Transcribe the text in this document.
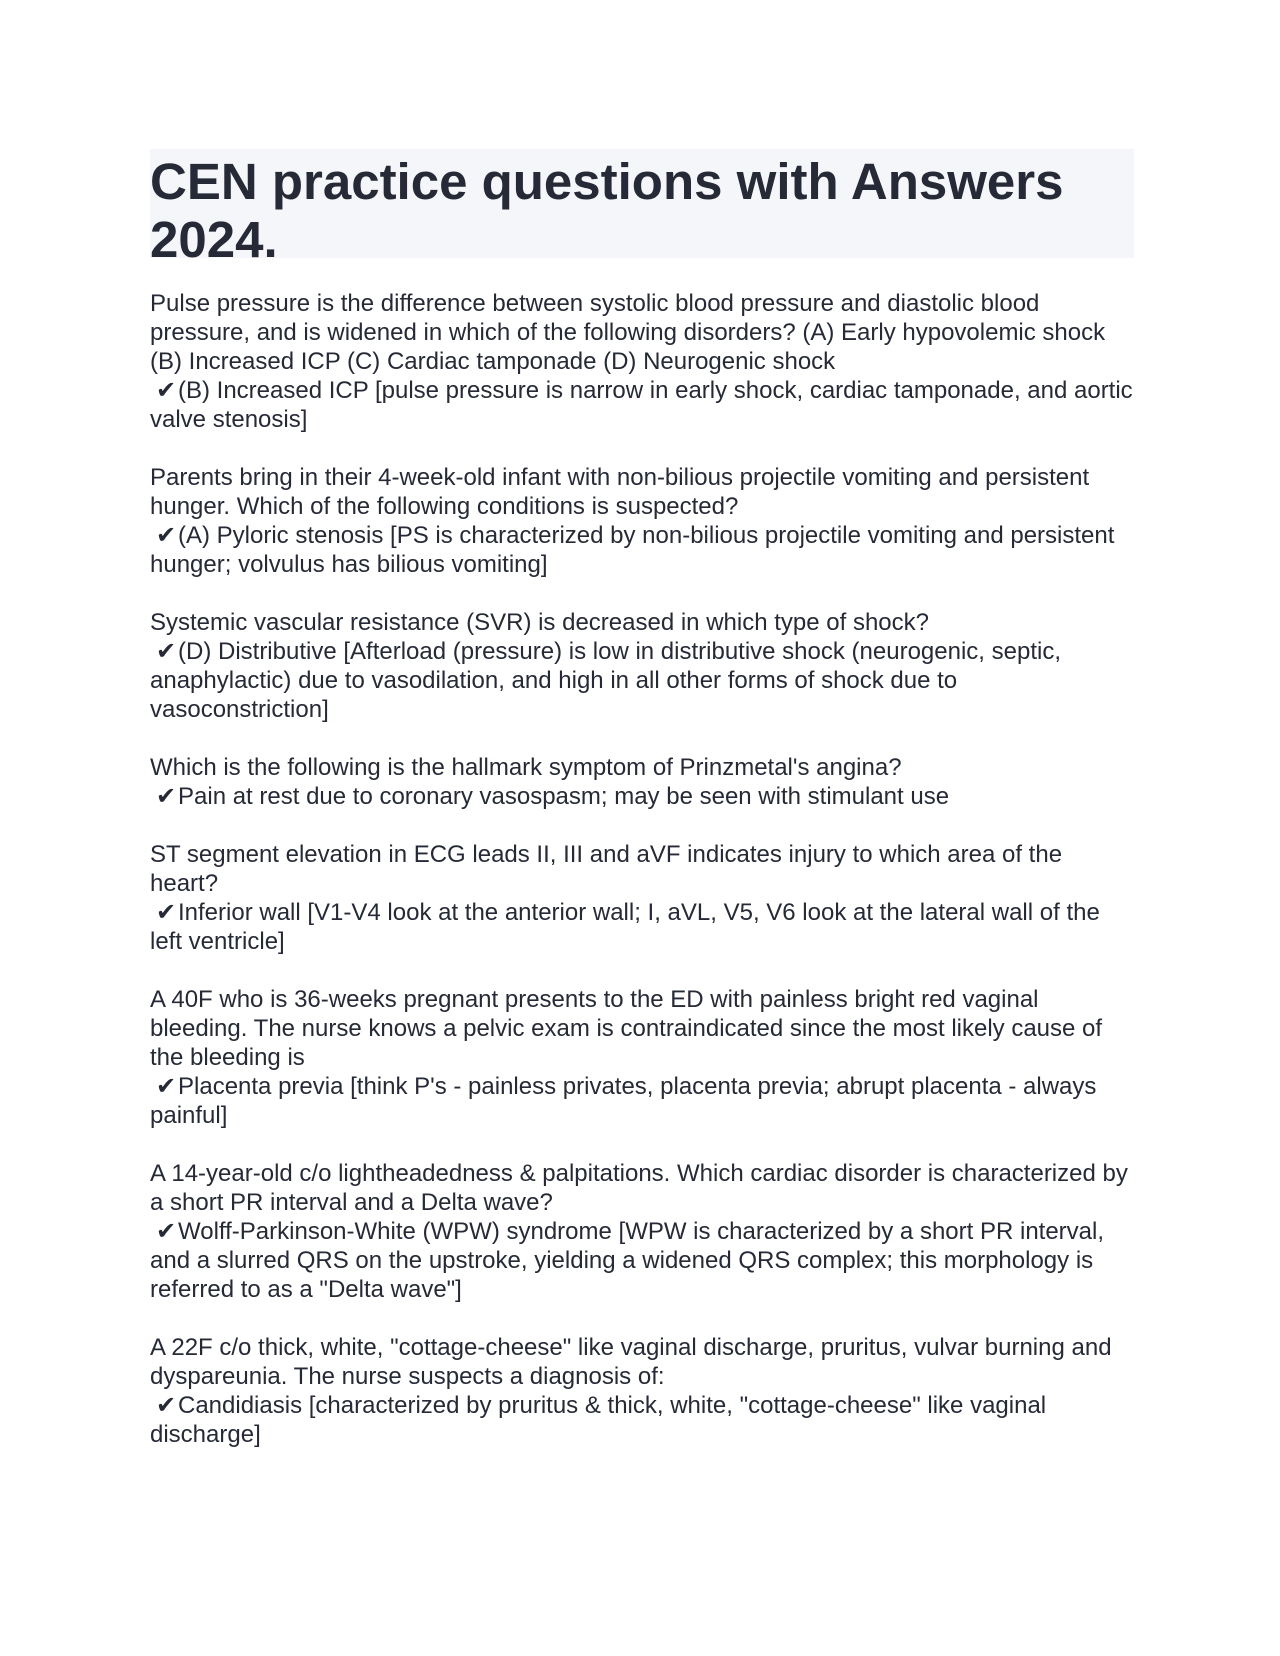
CEN practice questions with Answers 2024.

Pulse pressure is the difference between systolic blood pressure and diastolic blood pressure, and is widened in which of the following disorders? (A) Early hypovolemic shock (B) Increased ICP (C) Cardiac tamponade (D) Neurogenic shock

✔(B) Increased ICP [pulse pressure is narrow in early shock, cardiac tamponade, and aortic valve stenosis]

Parents bring in their 4-week-old infant with non-bilious projectile vomiting and persistent hunger. Which of the following conditions is suspected?

✔(A) Pyloric stenosis [PS is characterized by non-bilious projectile vomiting and persistent hunger; volvulus has bilious vomiting]

Systemic vascular resistance (SVR) is decreased in which type of shock?

✔(D) Distributive [Afterload (pressure) is low in distributive shock (neurogenic, septic, anaphylactic) due to vasodilation, and high in all other forms of shock due to vasoconstriction]

Which is the following is the hallmark symptom of Prinzmetal's angina?

✔Pain at rest due to coronary vasospasm; may be seen with stimulant use

ST segment elevation in ECG leads II, III and aVF indicates injury to which area of the heart?

✔Inferior wall [V1-V4 look at the anterior wall; I, aVL, V5, V6 look at the lateral wall of the left ventricle]

A 40F who is 36-weeks pregnant presents to the ED with painless bright red vaginal bleeding. The nurse knows a pelvic exam is contraindicated since the most likely cause of the bleeding is

✔Placenta previa [think P's - painless privates, placenta previa; abrupt placenta - always painful]

A 14-year-old c/o lightheadedness & palpitations. Which cardiac disorder is characterized by a short PR interval and a Delta wave?

✔Wolff-Parkinson-White (WPW) syndrome [WPW is characterized by a short PR interval, and a slurred QRS on the upstroke, yielding a widened QRS complex; this morphology is referred to as a "Delta wave"]

A 22F c/o thick, white, "cottage-cheese" like vaginal discharge, pruritus, vulvar burning and dyspareunia. The nurse suspects a diagnosis of:

✔Candidiasis [characterized by pruritus & thick, white, "cottage-cheese" like vaginal discharge]
